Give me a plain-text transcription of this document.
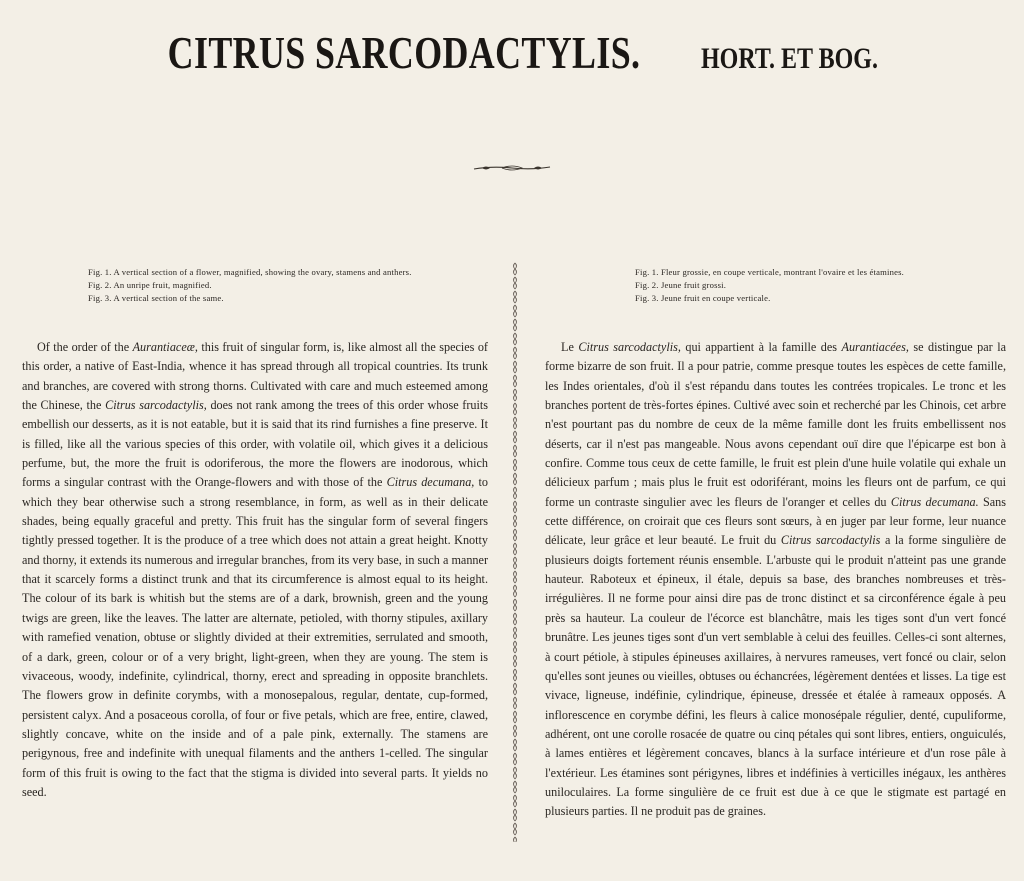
CITRUS SARCODACTYLIS. HORT. ET BOG.
Fig. 1. A vertical section of a flower, magnified, showing the ovary, stamens and anthers.
Fig. 2. An unripe fruit, magnified.
Fig. 3. A vertical section of the same.
Fig. 1. Fleur grossie, en coupe verticale, montrant l'ovaire et les étamines.
Fig. 2. Jeune fruit grossi.
Fig. 3. Jeune fruit en coupe verticale.

Of the order of the Aurantiaceæ, this fruit of singular form, is, like almost all the species of this order, a native of East-India, whence it has spread through all tropical countries. Its trunk and branches, are covered with strong thorns. Cultivated with care and much esteemed among the Chinese, the Citrus sarcodactylis, does not rank among the trees of this order whose fruits embellish our desserts, as it is not eatable, but it is said that its rind furnishes a fine preserve. It is filled, like all the various species of this order, with volatile oil, which gives it a delicious perfume, but, the more the fruit is odoriferous, the more the flowers are inodorous, which forms a singular contrast with the Orange-flowers and with those of the Citrus decumana, to which they bear otherwise such a strong resemblance, in form, as well as in their delicate shades, being equally graceful and pretty. This fruit has the singular form of several fingers tightly pressed together. It is the produce of a tree which does not attain a great height. Knotty and thorny, it extends its numerous and irregular branches, from its very base, in such a manner that it scarcely forms a distinct trunk and that its circumference is almost equal to its height. The colour of its bark is whitish but the stems are of a dark, brownish, green and the young twigs are green, like the leaves. The latter are alternate, petioled, with thorny stipules, axillary with ramefied venation, obtuse or slightly divided at their extremities, serrulated and smooth, of a dark, green, colour or of a very bright, light-green, when they are young. The stem is vivaceous, woody, indefinite, cylindrical, thorny, erect and spreading in opposite branchlets. The flowers grow in definite corymbs, with a monosepalous, regular, dentate, cup-formed, persistent calyx. And a posaceous corolla, of four or five petals, which are free, entire, clawed, slightly concave, white on the inside and of a pale pink, externally. The stamens are perigynous, free and indefinite with unequal filaments and the anthers 1-celled. The singular form of this fruit is owing to the fact that the stigma is divided into several parts. It yields no seed.

Le Citrus sarcodactylis, qui appartient à la famille des Aurantiacées, se distingue par la forme bizarre de son fruit. Il a pour patrie, comme presque toutes les espèces de cette famille, les Indes orientales, d'où il s'est répandu dans toutes les contrées tropicales. Le tronc et les branches portent de très-fortes épines. Cultivé avec soin et recherché par les Chinois, cet arbre n'est pourtant pas du nombre de ceux de la même famille dont les fruits embellissent nos déserts, car il n'est pas mangeable. Nous avons cependant ouï dire que l'épicarpe est bon à confire. Comme tous ceux de cette famille, le fruit est plein d'une huile volatile qui exhale un délicieux parfum ; mais plus le fruit est odoriférant, moins les fleurs ont de parfum, ce qui forme un contraste singulier avec les fleurs de l'oranger et celles du Citrus decumana. Sans cette différence, on croirait que ces fleurs sont sœurs, à en juger par leur forme, leur nuance délicate, leur grâce et leur beauté. Le fruit du Citrus sarcodactylis a la forme singulière de plusieurs doigts fortement réunis ensemble. L'arbuste qui le produit n'atteint pas une grande hauteur. Raboteux et épineux, il étale, depuis sa base, des branches nombreuses et très-irrégulières. Il ne forme pour ainsi dire pas de tronc distinct et sa circonférence égale à peu près sa hauteur. La couleur de l'écorce est blanchâtre, mais les tiges sont d'un vert foncé brunâtre. Les jeunes tiges sont d'un vert semblable à celui des feuilles. Celles-ci sont alternes, à court pétiole, à stipules épineuses axillaires, à nervures rameuses, vert foncé ou clair, selon qu'elles sont jeunes ou vieilles, obtuses ou échancrées, légèrement dentées et lisses. La tige est vivace, ligneuse, indéfinie, cylindrique, épineuse, dressée et étalée à rameaux opposés. A inflorescence en corymbe défini, les fleurs à calice monosépale régulier, denté, cupuliforme, adhérent, ont une corolle rosacée de quatre ou cinq pétales qui sont libres, entiers, onguiculés, à lames entières et légèrement concaves, blancs à la surface intérieure et d'un rose pâle à l'extérieur. Les étamines sont périgynes, libres et indéfinies à verticilles inégaux, les anthères uniloculaires. La forme singulière de ce fruit est due à ce que le stigmate est partagé en plusieurs parties. Il ne produit pas de graines.
